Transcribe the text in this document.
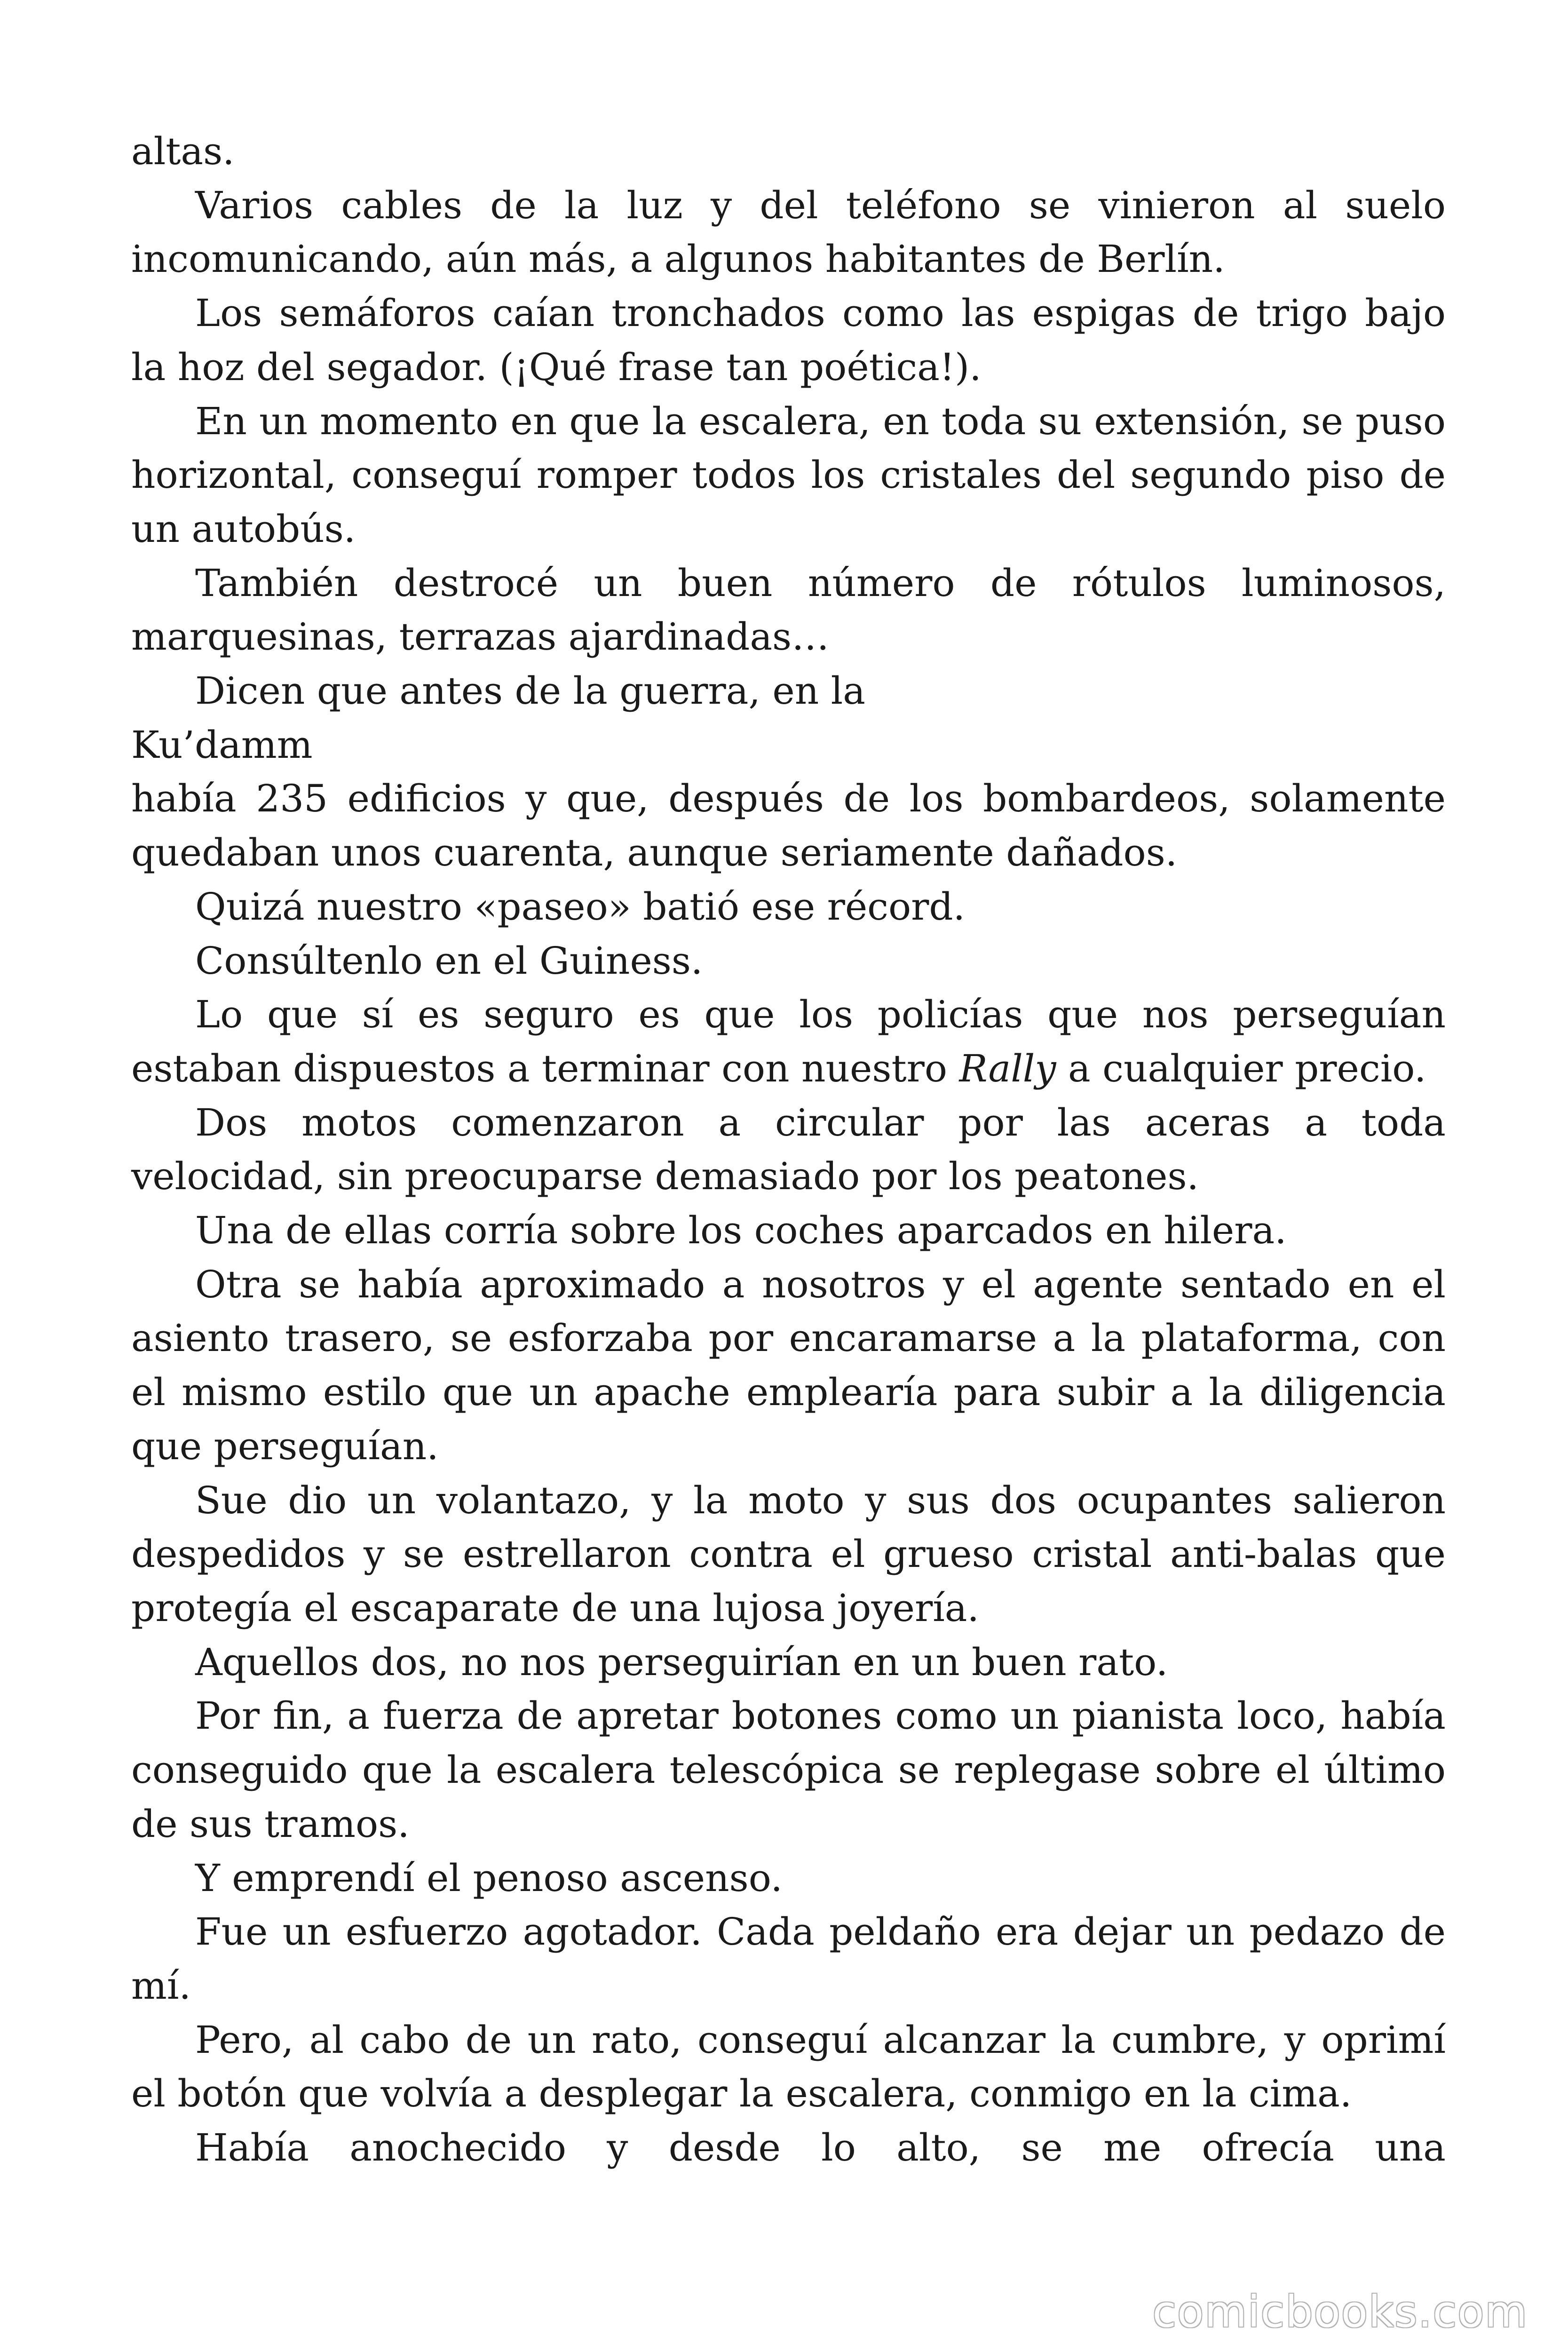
altas.

Varios cables de la luz y del teléfono se vinieron al suelo incomunicando, aún más, a algunos habitantes de Berlín.

Los semáforos caían tronchados como las espigas de trigo bajo la hoz del segador. (¡Qué frase tan poética!).

En un momento en que la escalera, en toda su extensión, se puso horizontal, conseguí romper todos los cristales del segundo piso de un autobús.

También destrocé un buen número de rótulos luminosos, marquesinas, terrazas ajardinadas…

Dicen que antes de la guerra, en la

Ku’damm

había 235 edificios y que, después de los bombardeos, solamente quedaban unos cuarenta, aunque seriamente dañados.

Quizá nuestro «paseo» batió ese récord.

Consúltenlo en el Guiness.

Lo que sí es seguro es que los policías que nos perseguían estaban dispuestos a terminar con nuestro Rally a cualquier precio.

Dos motos comenzaron a circular por las aceras a toda velocidad, sin preocuparse demasiado por los peatones.

Una de ellas corría sobre los coches aparcados en hilera.

Otra se había aproximado a nosotros y el agente sentado en el asiento trasero, se esforzaba por encaramarse a la plataforma, con el mismo estilo que un apache emplearía para subir a la diligencia que perseguían.

Sue dio un volantazo, y la moto y sus dos ocupantes salieron despedidos y se estrellaron contra el grueso cristal anti-balas que protegía el escaparate de una lujosa joyería.

Aquellos dos, no nos perseguirían en un buen rato.

Por fin, a fuerza de apretar botones como un pianista loco, había conseguido que la escalera telescópica se replegase sobre el último de sus tramos.

Y emprendí el penoso ascenso.

Fue un esfuerzo agotador. Cada peldaño era dejar un pedazo de mí.

Pero, al cabo de un rato, conseguí alcanzar la cumbre, y oprimí el botón que volvía a desplegar la escalera, conmigo en la cima.

Había anochecido y desde lo alto, se me ofrecía una

comicbooks.com
